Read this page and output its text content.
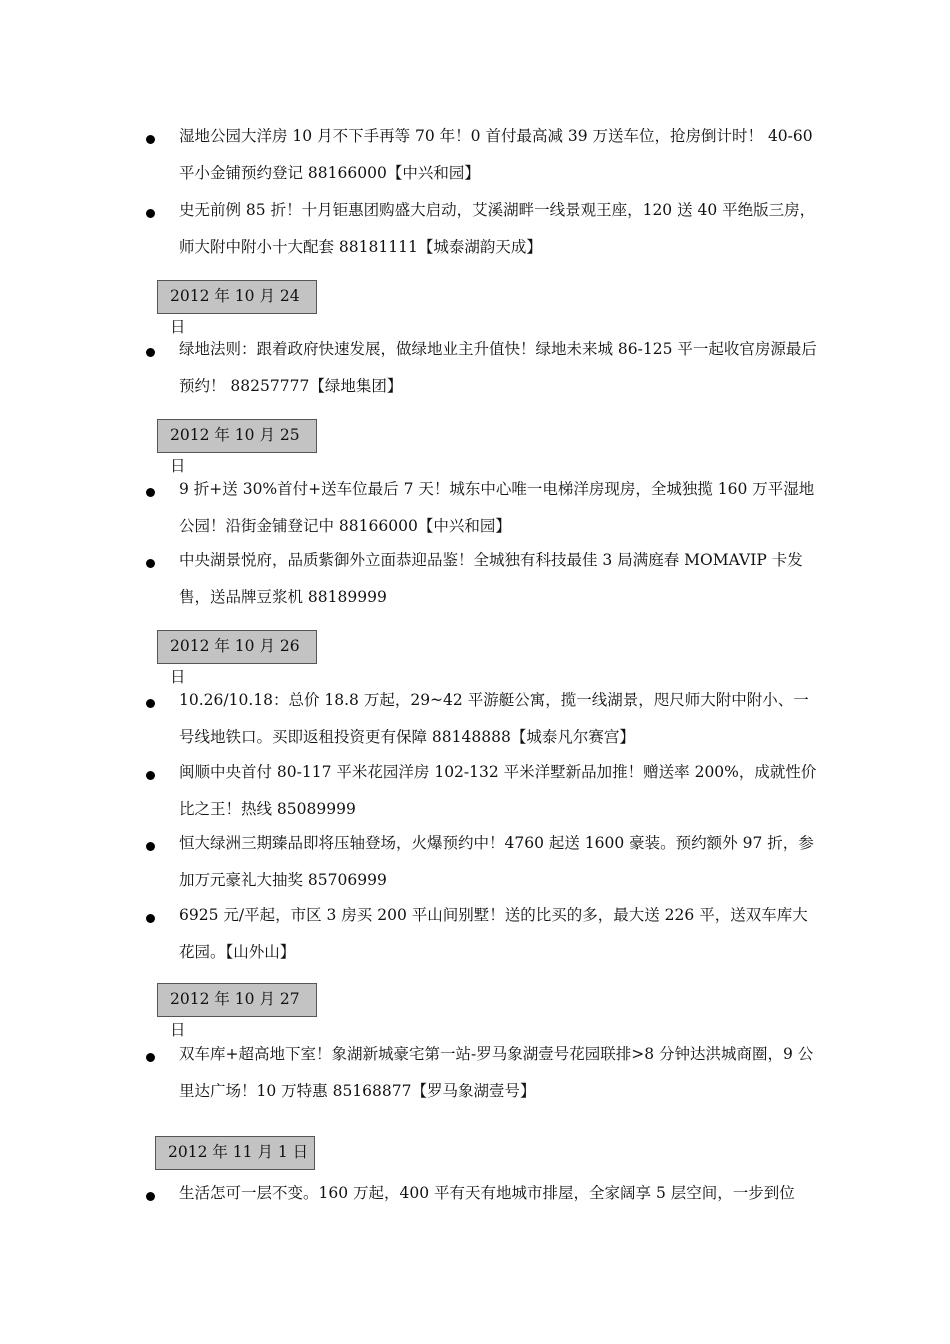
湿地公园大洋房 10 月不下手再等 70 年！0 首付最高减 39 万送车位，抢房倒计时！ 40-60 平小金铺预约登记 88166000【中兴和园】
史无前例 85 折！十月钜惠团购盛大启动，艾溪湖畔一线景观王座，120 送 40 平绝版三房，师大附中附小十大配套 88181111【城泰湖韵天成】
2012 年 10 月 24 日
绿地法则：跟着政府快速发展，做绿地业主升值快！绿地未来城 86-125 平一起收官房源最后预约！ 88257777【绿地集团】
2012 年 10 月 25 日
9 折+送 30%首付+送车位最后 7 天！城东中心唯一电梯洋房现房，全城独揽 160 万平湿地公园！沿街金铺登记中 88166000【中兴和园】
中央湖景悦府，品质紫御外立面恭迎品鉴！全城独有科技最佳 3 局满庭春 MOMAVIP 卡发售，送品牌豆浆机 88189999
2012 年 10 月 26 日
10.26/10.18：总价 18.8 万起，29~42 平游艇公寓，揽一线湖景，咫尺师大附中附小、一号线地铁口。买即返租投资更有保障 88148888【城泰凡尔赛宫】
闽顺中央首付 80-117 平米花园洋房 102-132 平米洋墅新品加推！赠送率 200%，成就性价比之王！热线 85089999
恒大绿洲三期臻品即将压轴登场，火爆预约中！4760 起送 1600 豪装。预约额外 97 折，参加万元豪礼大抽奖 85706999
6925 元/平起，市区 3 房买 200 平山间别墅！送的比买的多，最大送 226 平，送双车库大花园。【山外山】
2012 年 10 月 27 日
双车库+超高地下室！象湖新城豪宅第一站-罗马象湖壹号花园联排>8 分钟达洪城商圈，9 公里达广场！10 万特惠 85168877【罗马象湖壹号】
2012 年 11 月 1 日
生活怎可一层不变。160 万起，400 平有天有地城市排屋，全家阔享 5 层空间，一步到位
